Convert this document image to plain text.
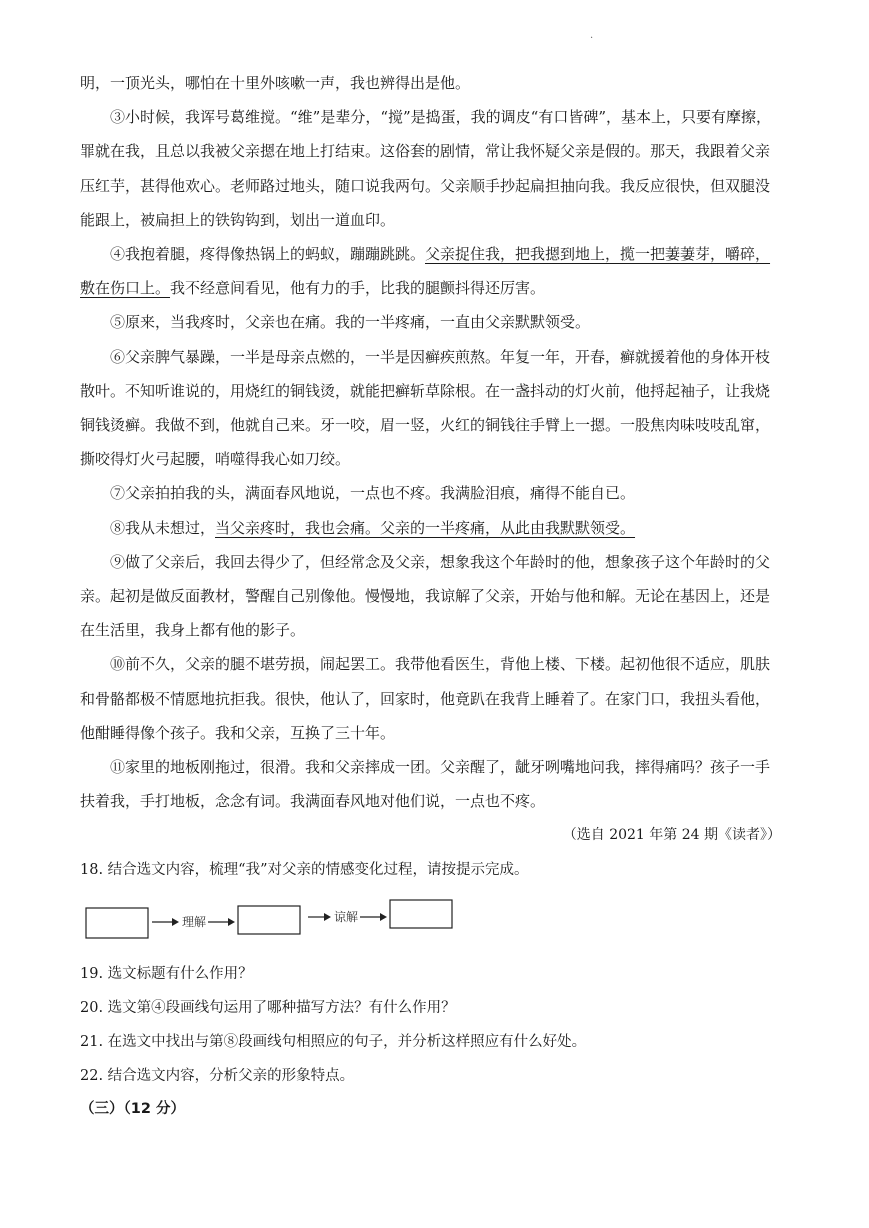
.
明，一顶光头，哪怕在十里外咳嗽一声，我也辨得出是他。
③小时候，我诨号葛维搅。“维”是辈分，“搅”是捣蛋，我的调皮“有口皆碑”，基本上，只要有摩擦，
罪就在我，且总以我被父亲摁在地上打结束。这俗套的剧情，常让我怀疑父亲是假的。那天，我跟着父亲
压红芋，甚得他欢心。老师路过地头，随口说我两句。父亲顺手抄起扁担抽向我。我反应很快，但双腿没
能跟上，被扁担上的铁钩钩到，划出一道血印。
④我抱着腿，疼得像热锅上的蚂蚁，蹦蹦跳跳。父亲捉住我，把我摁到地上，揽一把萋萋芽，嚼碎，
敷在伤口上。我不经意间看见，他有力的手，比我的腿颤抖得还厉害。
⑤原来，当我疼时，父亲也在痛。我的一半疼痛，一直由父亲默默领受。
⑥父亲脾气暴躁，一半是母亲点燃的，一半是因癣疾煎熬。年复一年，开春，癣就援着他的身体开枝
散叶。不知听谁说的，用烧红的铜钱烫，就能把癣斩草除根。在一盏抖动的灯火前，他捋起袖子，让我烧
铜钱烫癣。我做不到，他就自己来。牙一咬，眉一竖，火红的铜钱往手臂上一摁。一股焦肉味吱吱乱窜，
撕咬得灯火弓起腰，哨噬得我心如刀绞。
⑦父亲拍拍我的头，满面春风地说，一点也不疼。我满脸泪痕，痛得不能自已。
⑧我从未想过，当父亲疼时，我也会痛。父亲的一半疼痛，从此由我默默领受。
⑨做了父亲后，我回去得少了，但经常念及父亲，想象我这个年龄时的他，想象孩子这个年龄时的父
亲。起初是做反面教材，警醒自己别像他。慢慢地，我谅解了父亲，开始与他和解。无论在基因上，还是
在生活里，我身上都有他的影子。
⑩前不久，父亲的腿不堪劳损，闹起罢工。我带他看医生，背他上楼、下楼。起初他很不适应，肌肤
和骨骼都极不情愿地抗拒我。很快，他认了，回家时，他竟趴在我背上睡着了。在家门口，我扭头看他，
他酣睡得像个孩子。我和父亲，互换了三十年。
⑪家里的地板刚拖过，很滑。我和父亲摔成一团。父亲醒了，龇牙咧嘴地问我，摔得痛吗？孩子一手
扶着我，手打地板，念念有词。我满面春风地对他们说，一点也不疼。
（选自 2021 年第 24 期《读者》）
18. 结合选文内容，梳理“我”对父亲的情感变化过程，请按提示完成。
理解	谅解
19. 选文标题有什么作用？
20. 选文第④段画线句运用了哪种描写方法？有什么作用？
21. 在选文中找出与第⑧段画线句相照应的句子，并分析这样照应有什么好处。
22. 结合选文内容，分析父亲的形象特点。
（三）（12 分）
